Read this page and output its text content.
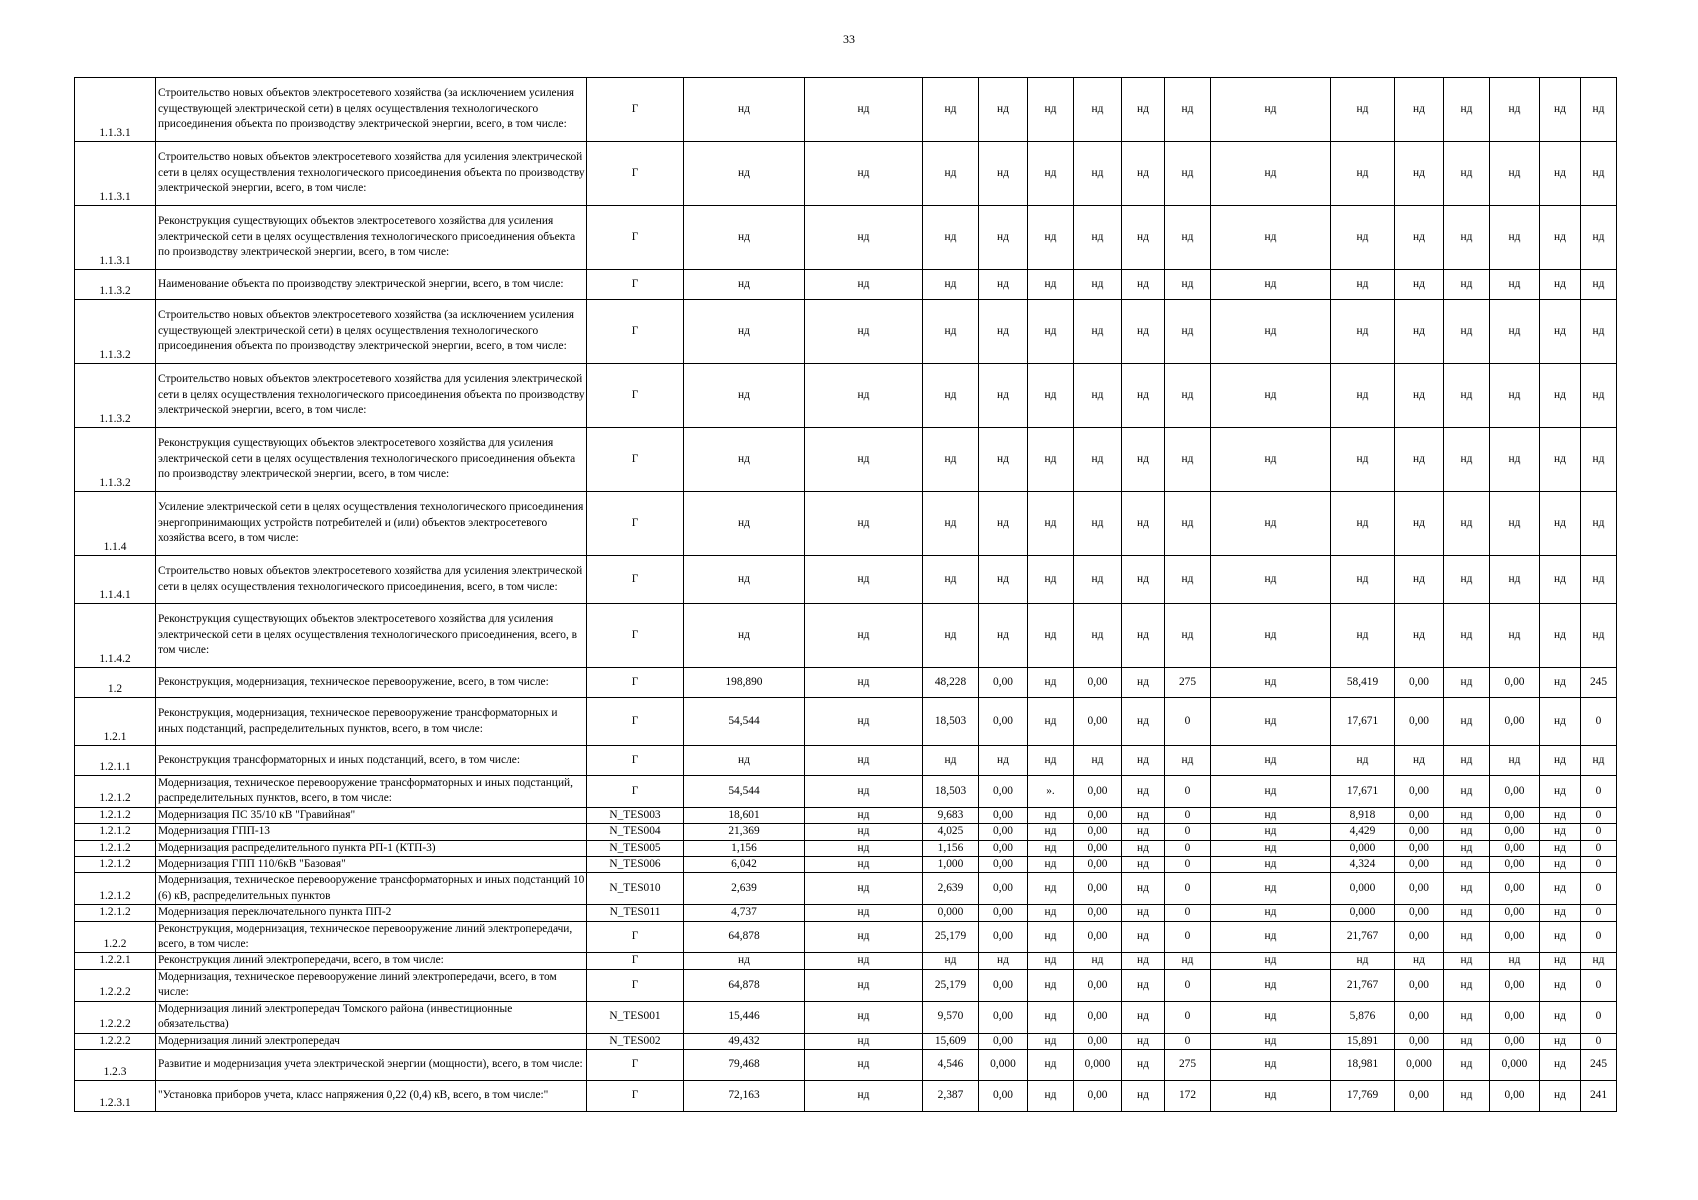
33
1.1.3.1	Строительство новых объектов электросетевого хозяйства (за исключением усиления существующей электрической сети) в целях осуществления технологического присоединения объекта по производству электрической энергии, всего, в том числе:	Г	нд	нд	нд	нд	нд	нд	нд	нд	нд	нд	нд	нд	нд	нд	нд
1.1.3.1	Строительство новых объектов электросетевого хозяйства для усиления электрической сети в целях осуществления технологического присоединения объекта по производству электрической энергии, всего, в том числе:	Г	нд	нд	нд	нд	нд	нд	нд	нд	нд	нд	нд	нд	нд	нд	нд
1.1.3.1	Реконструкция существующих объектов электросетевого хозяйства для усиления электрической сети в целях осуществления технологического присоединения объекта по производству электрической энергии, всего, в том числе:	Г	нд	нд	нд	нд	нд	нд	нд	нд	нд	нд	нд	нд	нд	нд	нд
1.1.3.2	Наименование объекта по производству электрической энергии, всего, в том числе:	Г	нд	нд	нд	нд	нд	нд	нд	нд	нд	нд	нд	нд	нд	нд	нд
1.1.3.2	Строительство новых объектов электросетевого хозяйства (за исключением усиления существующей электрической сети) в целях осуществления технологического присоединения объекта по производству электрической энергии, всего, в том числе:	Г	нд	нд	нд	нд	нд	нд	нд	нд	нд	нд	нд	нд	нд	нд	нд
1.1.3.2	Строительство новых объектов электросетевого хозяйства для усиления электрической сети в целях осуществления технологического присоединения объекта по производству электрической энергии, всего, в том числе:	Г	нд	нд	нд	нд	нд	нд	нд	нд	нд	нд	нд	нд	нд	нд	нд
1.1.3.2	Реконструкция существующих объектов электросетевого хозяйства для усиления электрической сети в целях осуществления технологического присоединения объекта по производству электрической энергии, всего, в том числе:	Г	нд	нд	нд	нд	нд	нд	нд	нд	нд	нд	нд	нд	нд	нд	нд
1.1.4	Усиление электрической сети в целях осуществления технологического присоединения энергопринимающих устройств потребителей и (или) объектов электросетевого хозяйства всего, в том числе:	Г	нд	нд	нд	нд	нд	нд	нд	нд	нд	нд	нд	нд	нд	нд	нд
1.1.4.1	Строительство новых объектов электросетевого хозяйства для усиления электрической сети в целях осуществления технологического присоединения, всего, в том числе:	Г	нд	нд	нд	нд	нд	нд	нд	нд	нд	нд	нд	нд	нд	нд	нд
1.1.4.2	Реконструкция существующих объектов электросетевого хозяйства для усиления электрической сети в целях осуществления технологического присоединения, всего, в том числе:	Г	нд	нд	нд	нд	нд	нд	нд	нд	нд	нд	нд	нд	нд	нд	нд
1.2	Реконструкция, модернизация, техническое перевооружение, всего, в том числе:	Г	198,890	нд	48,228	0,00	нд	0,00	нд	275	нд	58,419	0,00	нд	0,00	нд	245
1.2.1	Реконструкция, модернизация, техническое перевооружение трансформаторных и иных подстанций, распределительных пунктов, всего, в том числе:	Г	54,544	нд	18,503	0,00	нд	0,00	нд	0	нд	17,671	0,00	нд	0,00	нд	0
1.2.1.1	Реконструкция трансформаторных и иных подстанций, всего, в том числе:	Г	нд	нд	нд	нд	нд	нд	нд	нд	нд	нд	нд	нд	нд	нд	нд
1.2.1.2	Модернизация, техническое перевооружение трансформаторных и иных подстанций, распределительных пунктов, всего, в том числе:	Г	54,544	нд	18,503	0,00	».	0,00	нд	0	нд	17,671	0,00	нд	0,00	нд	0
1.2.1.2	Модернизация ПС 35/10 кВ "Гравийная"	N_TES003	18,601	нд	9,683	0,00	нд	0,00	нд	0	нд	8,918	0,00	нд	0,00	нд	0
1.2.1.2	Модернизация ГПП-13	N_TES004	21,369	нд	4,025	0,00	нд	0,00	нд	0	нд	4,429	0,00	нд	0,00	нд	0
1.2.1.2	Модернизация распределительного пункта РП-1 (КТП-3)	N_TES005	1,156	нд	1,156	0,00	нд	0,00	нд	0	нд	0,000	0,00	нд	0,00	нд	0
1.2.1.2	Модернизация ГПП 110/6кВ "Базовая"	N_TES006	6,042	нд	1,000	0,00	нд	0,00	нд	0	нд	4,324	0,00	нд	0,00	нд	0
1.2.1.2	Модернизация, техническое перевооружение трансформаторных и иных подстанций 10 (6) кВ, распределительных пунктов	N_TES010	2,639	нд	2,639	0,00	нд	0,00	нд	0	нд	0,000	0,00	нд	0,00	нд	0
1.2.1.2	Модернизация переключательного пункта ПП-2	N_TES011	4,737	нд	0,000	0,00	нд	0,00	нд	0	нд	0,000	0,00	нд	0,00	нд	0
1.2.2	Реконструкция, модернизация, техническое перевооружение линий электропередачи, всего, в том числе:	Г	64,878	нд	25,179	0,00	нд	0,00	нд	0	нд	21,767	0,00	нд	0,00	нд	0
1.2.2.1	Реконструкция линий электропередачи, всего, в том числе:	Г	нд	нд	нд	нд	нд	нд	нд	нд	нд	нд	нд	нд	нд	нд	нд
1.2.2.2	Модернизация, техническое перевооружение линий электропередачи, всего, в том числе:	Г	64,878	нд	25,179	0,00	нд	0,00	нд	0	нд	21,767	0,00	нд	0,00	нд	0
1.2.2.2	Модернизация линий электропередач Томского района (инвестиционные обязательства)	N_TES001	15,446	нд	9,570	0,00	нд	0,00	нд	0	нд	5,876	0,00	нд	0,00	нд	0
1.2.2.2	Модернизация линий электропередач	N_TES002	49,432	нд	15,609	0,00	нд	0,00	нд	0	нд	15,891	0,00	нд	0,00	нд	0
1.2.3	Развитие и модернизация учета электрической энергии (мощности), всего, в том числе:	Г	79,468	нд	4,546	0,000	нд	0,000	нд	275	нд	18,981	0,000	нд	0,000	нд	245
1.2.3.1	"Установка приборов учета, класс напряжения 0,22 (0,4) кВ, всего, в том числе:"	Г	72,163	нд	2,387	0,00	нд	0,00	нд	172	нд	17,769	0,00	нд	0,00	нд	241
